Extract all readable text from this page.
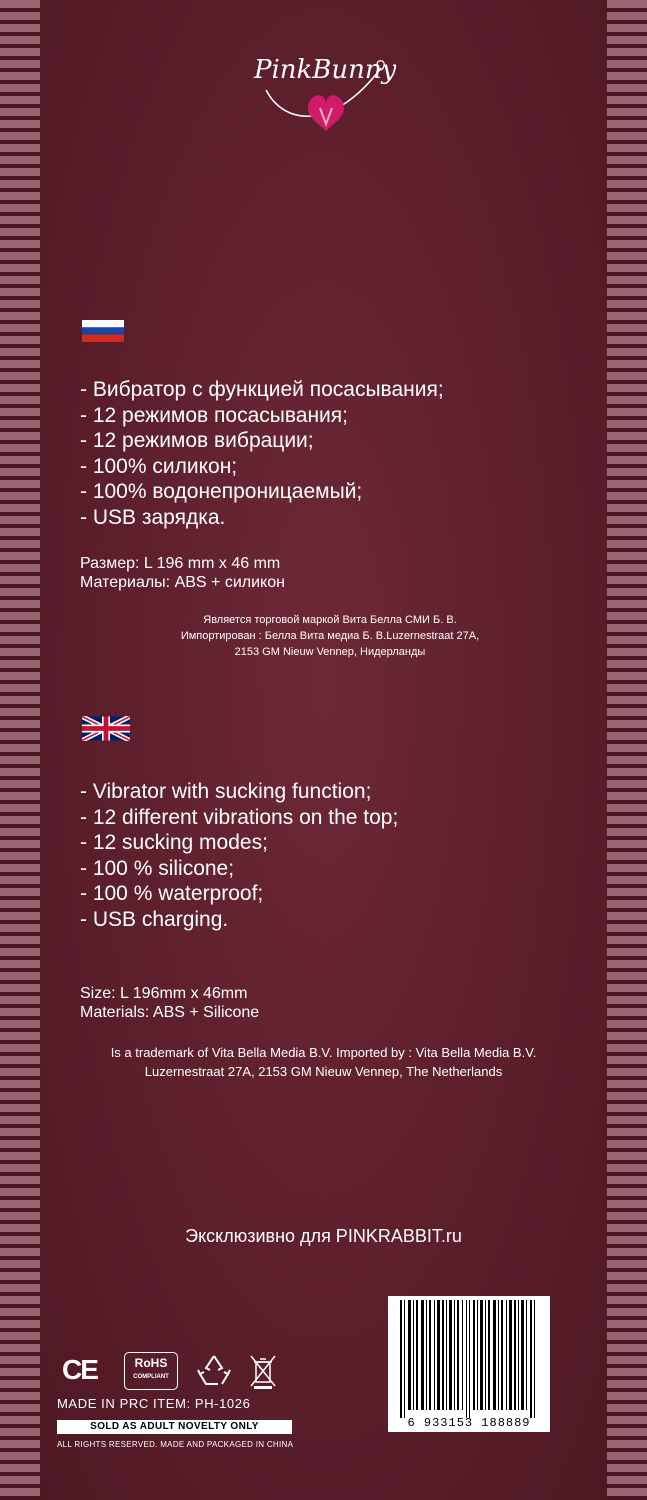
PinkBunny
- Вибратор с функцией посасывания;
- 12 режимов посасывания;
- 12 режимов вибрации;
- 100% силикон;
- 100% водонепроницаемый;
- USB зарядка.
Размер: L 196 mm x 46 mm
Материалы: ABS + силикон
Является торговой маркой Вита Белла СМИ Б. В.
Импортирован : Белла Вита медиа Б. В.Luzernestraat 27A,
2153 GM Nieuw Vennep, Нидерланды
- Vibrator with sucking function;
- 12 different vibrations on the top;
- 12 sucking modes;
- 100 % silicone;
- 100 % waterproof;
- USB charging.
Size: L 196mm x 46mm
Materials: ABS + Silicone
Is a trademark of Vita Bella Media B.V. Imported by : Vita Bella Media B.V.
Luzernestraat 27A, 2153 GM Nieuw Vennep, The Netherlands
Эксклюзивно для PINKRABBIT.ru
CE	RoHS
COMPLIANT
MADE IN PRC ITEM: PH-1026
SOLD AS ADULT NOVELTY ONLY
ALL RIGHTS RESERVED. MADE AND PACKAGED IN CHINA
6 933153 188889
